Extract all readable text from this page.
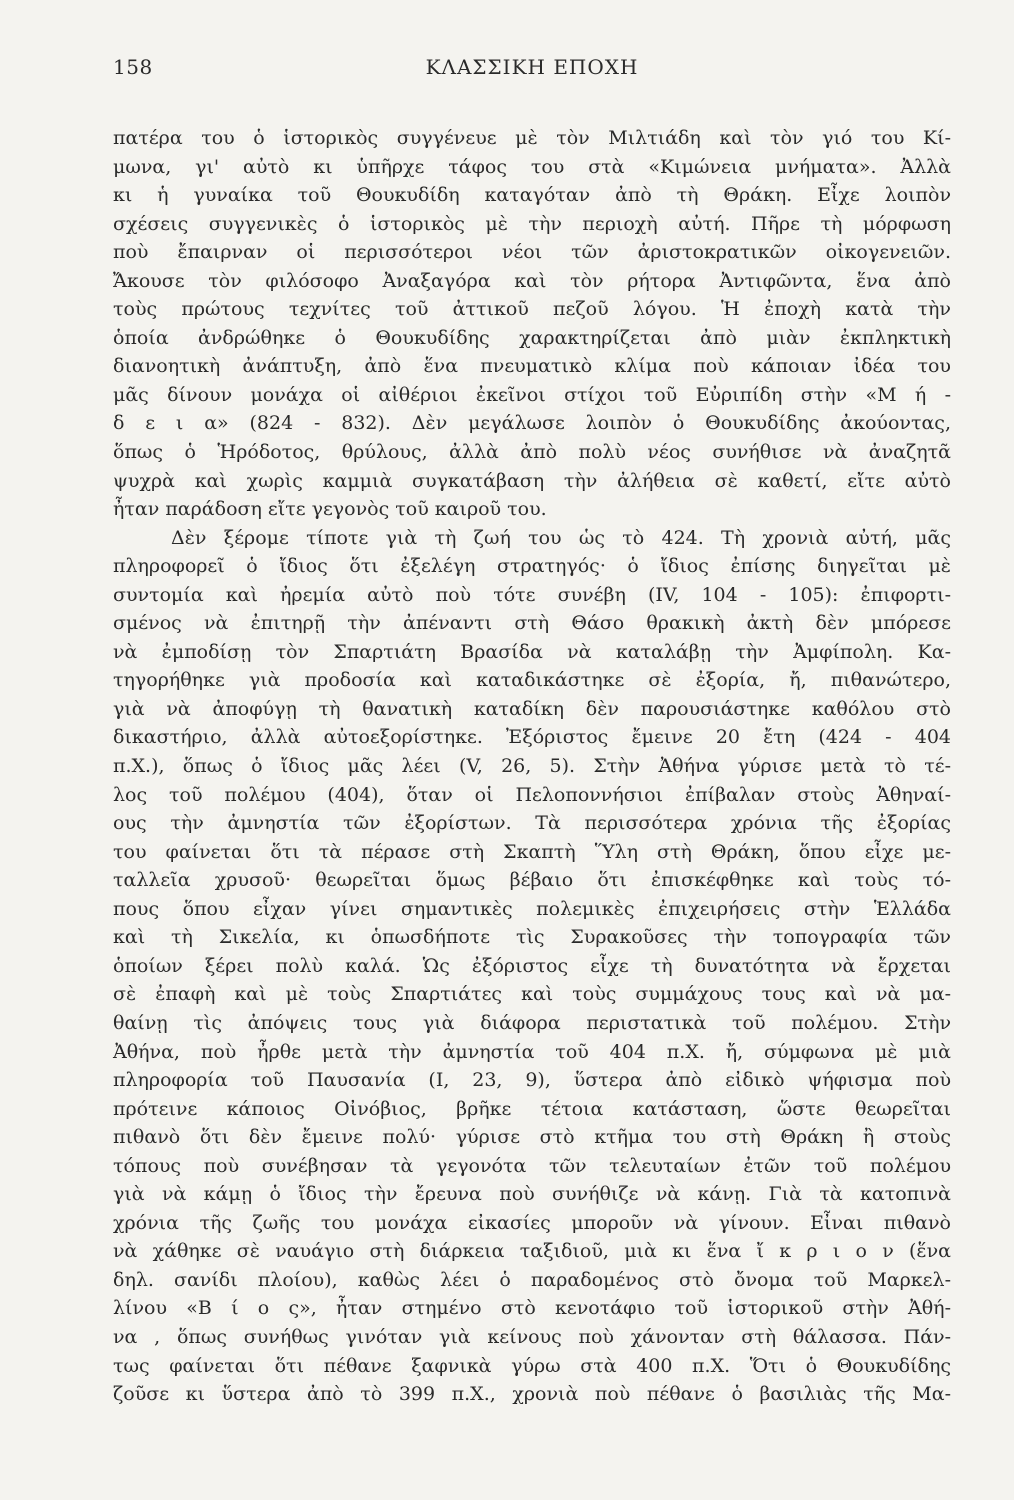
158	ΚΛΑΣΣΙΚΗ ΕΠΟΧΗ
πατέρα του ὁ ἱστορικὸς συγγένευε μὲ τὸν Μιλτιάδη καὶ τὸν γιό του Κί-
μωνα, γι' αὐτὸ κι ὑπῆρχε τάφος του στὰ «Κιμώνεια μνήματα». Ἀλλὰ
κι ἡ γυναίκα τοῦ Θουκυδίδη καταγόταν ἀπὸ τὴ Θράκη. Εἶχε λοιπὸν
σχέσεις συγγενικὲς ὁ ἱστορικὸς μὲ τὴν περιοχὴ αὐτή. Πῆρε τὴ μόρφωση
ποὺ ἔπαιρναν οἱ περισσότεροι νέοι τῶν ἀριστοκρατικῶν οἰκογενειῶν.
Ἄκουσε τὸν φιλόσοφο Ἀναξαγόρα καὶ τὸν ρήτορα Ἀντιφῶντα, ἕνα ἀπὸ
τοὺς πρώτους τεχνίτες τοῦ ἀττικοῦ πεζοῦ λόγου. Ἡ ἐποχὴ κατὰ τὴν
ὁποία ἀνδρώθηκε ὁ Θουκυδίδης χαρακτηρίζεται ἀπὸ μιὰν ἐκπληκτικὴ
διανοητικὴ ἀνάπτυξη, ἀπὸ ἕνα πνευματικὸ κλίμα ποὺ κάποιαν ἰδέα του
μᾶς δίνουν μονάχα οἱ αἰθέριοι ἐκεῖνοι στίχοι τοῦ Εὐριπίδη στὴν «Μ ή -
δ ε ι α» (824 - 832). Δὲν μεγάλωσε λοιπὸν ὁ Θουκυδίδης ἀκούοντας,
ὅπως ὁ Ἡρόδοτος, θρύλους, ἀλλὰ ἀπὸ πολὺ νέος συνήθισε νὰ ἀναζητᾶ
ψυχρὰ καὶ χωρὶς καμμιὰ συγκατάβαση τὴν ἀλήθεια σὲ καθετί, εἴτε αὐτὸ
ἦταν παράδοση εἴτε γεγονὸς τοῦ καιροῦ του.
Δὲν ξέρομε τίποτε γιὰ τὴ ζωή του ὡς τὸ 424. Τὴ χρονιὰ αὐτή, μᾶς
πληροφορεῖ ὁ ἴδιος ὅτι ἐξελέγη στρατηγός· ὁ ἴδιος ἐπίσης διηγεῖται μὲ
συντομία καὶ ἠρεμία αὐτὸ ποὺ τότε συνέβη (IV, 104 - 105): ἐπιφορτι-
σμένος νὰ ἐπιτηρῇ τὴν ἀπέναντι στὴ Θάσο θρακικὴ ἀκτὴ δὲν μπόρεσε
νὰ ἐμποδίσῃ τὸν Σπαρτιάτη Βρασίδα νὰ καταλάβῃ τὴν Ἀμφίπολη. Κα-
τηγορήθηκε γιὰ προδοσία καὶ καταδικάστηκε σὲ ἐξορία, ἤ, πιθανώτερο,
γιὰ νὰ ἀποφύγῃ τὴ θανατικὴ καταδίκη δὲν παρουσιάστηκε καθόλου στὸ
δικαστήριο, ἀλλὰ αὐτοεξορίστηκε. Ἐξόριστος ἔμεινε 20 ἔτη (424 - 404
π.Χ.), ὅπως ὁ ἴδιος μᾶς λέει (V, 26, 5). Στὴν Ἀθήνα γύρισε μετὰ τὸ τέ-
λος τοῦ πολέμου (404), ὅταν οἱ Πελοποννήσιοι ἐπίβαλαν στοὺς Ἀθηναί-
ους τὴν ἀμνηστία τῶν ἐξορίστων. Τὰ περισσότερα χρόνια τῆς ἐξορίας
του φαίνεται ὅτι τὰ πέρασε στὴ Σκαπτὴ Ὕλη στὴ Θράκη, ὅπου εἶχε με-
ταλλεῖα χρυσοῦ· θεωρεῖται ὅμως βέβαιο ὅτι ἐπισκέφθηκε καὶ τοὺς τό-
πους ὅπου εἶχαν γίνει σημαντικὲς πολεμικὲς ἐπιχειρήσεις στὴν Ἑλλάδα
καὶ τὴ Σικελία, κι ὁπωσδήποτε τὶς Συρακοῦσες τὴν τοπογραφία τῶν
ὁποίων ξέρει πολὺ καλά. Ὡς ἐξόριστος εἶχε τὴ δυνατότητα νὰ ἔρχεται
σὲ ἐπαφὴ καὶ μὲ τοὺς Σπαρτιάτες καὶ τοὺς συμμάχους τους καὶ νὰ μα-
θαίνῃ τὶς ἀπόψεις τους γιὰ διάφορα περιστατικὰ τοῦ πολέμου. Στὴν
Ἀθήνα, ποὺ ἦρθε μετὰ τὴν ἀμνηστία τοῦ 404 π.Χ. ἤ, σύμφωνα μὲ μιὰ
πληροφορία τοῦ Παυσανία (I, 23, 9), ὕστερα ἀπὸ εἰδικὸ ψήφισμα ποὺ
πρότεινε κάποιος Οἰνόβιος, βρῆκε τέτοια κατάσταση, ὥστε θεωρεῖται
πιθανὸ ὅτι δὲν ἔμεινε πολύ· γύρισε στὸ κτῆμα του στὴ Θράκη ἢ στοὺς
τόπους ποὺ συνέβησαν τὰ γεγονότα τῶν τελευταίων ἐτῶν τοῦ πολέμου
γιὰ νὰ κάμῃ ὁ ἴδιος τὴν ἔρευνα ποὺ συνήθιζε νὰ κάνῃ. Γιὰ τὰ κατοπινὰ
χρόνια τῆς ζωῆς του μονάχα εἰκασίες μποροῦν νὰ γίνουν. Εἶναι πιθανὸ
νὰ χάθηκε σὲ ναυάγιο στὴ διάρκεια ταξιδιοῦ, μιὰ κι ἕνα ἴ κ ρ ι ο ν (ἕνα
δηλ. σανίδι πλοίου), καθὼς λέει ὁ παραδομένος στὸ ὄνομα τοῦ Μαρκελ-
λίνου «Β ί ο ς», ἦταν στημένο στὸ κενοτάφιο τοῦ ἱστορικοῦ στὴν Ἀθή-
να , ὅπως συνήθως γινόταν γιὰ κείνους ποὺ χάνονταν στὴ θάλασσα. Πάν-
τως φαίνεται ὅτι πέθανε ξαφνικὰ γύρω στὰ 400 π.Χ. Ὅτι ὁ Θουκυδίδης
ζοῦσε κι ὕστερα ἀπὸ τὸ 399 π.Χ., χρονιὰ ποὺ πέθανε ὁ βασιλιὰς τῆς Μα-
